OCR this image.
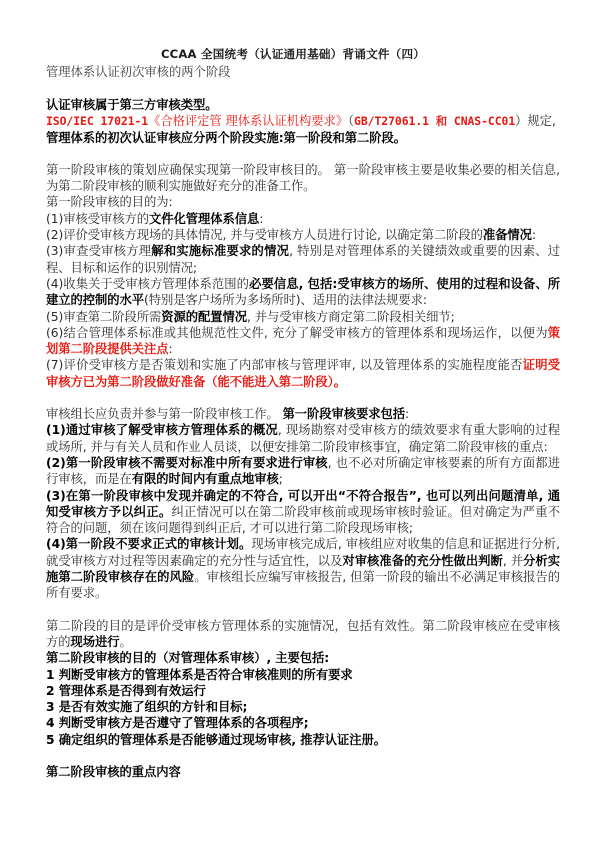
CCAA 全国统考（认证通用基础）背诵文件（四）
管理体系认证初次审核的两个阶段

认证审核属于第三方审核类型。

ISO/IEC 17021-1《合格评定管 理体系认证机构要求》（GB/T27061.1 和 CNAS-CC01）规定,

管理体系的初次认证审核应分两个阶段实施:第一阶段和第二阶段。

第一阶段审核的策划应确保实现第一阶段审核目的。 第一阶段审核主要是收集必要的相关信息, 为第二阶段审核的顺利实施做好充分的准备工作。

第一阶段审核的目的为:

(1)审核受审核方的文件化管理体系信息:

(2)评价受审核方现场的具体情况, 并与受审核方人员进行讨论, 以确定第二阶段的准备情况:

(3)审查受审核方理解和实施标准要求的情况, 特别是对管理体系的关键绩效或重要的因素、过程、目标和运作的识别情况;

(4)收集关于受审核方管理体系范围的必要信息, 包括:受审核方的场所、使用的过程和设备、所建立的控制的水平(特别是客户场所为多场所时)、适用的法律法规要求:

(5)审查第二阶段所需资源的配置情况, 并与受审核方商定第二阶段相关细节;

(6)结合管理体系标准或其他规范性文件, 充分了解受审核方的管理体系和现场运作，以便为策划第二阶段提供关注点:

(7)评价受审核方是否策划和实施了内部审核与管理评审, 以及管理体系的实施程度能否证明受审核方已为第二阶段做好准备（能不能进入第二阶段）。

审核组长应负责并参与第一阶段审核工作。 第一阶段审核要求包括:

(1)通过审核了解受审核方管理体系的概况, 现场勘察对受审核方的绩效要求有重大影响的过程或场所, 并与有关人员和作业人员谈，以便安排第二阶段审核事宜，确定第二阶段审核的重点:

(2)第一阶段审核不需要对标准中所有要求进行审核, 也不必对所确定审核要素的所有方面都进行审核，而是在有限的时间内有重点地审核;

(3)在第一阶段审核中发现并确定的不符合, 可以开出“不符合报告”, 也可以列出问题清单, 通知受审核方予以纠正。纠正情况可以在第二阶段审核前或现场审核时验证。但对确定为严重不符合的问题，须在该问题得到纠正后, 才可以进行第二阶段现场审核;

(4)第一阶段不要求正式的审核计划。现场审核完成后, 审核组应对收集的信息和证据进行分析, 就受审核方对过程等因素确定的充分性与适宜性，以及对审核准备的充分性做出判断, 并分析实施第二阶段审核存在的风险。审核组长应编写审核报告, 但第一阶段的输出不必满足审核报告的所有要求。

第二阶段的目的是评价受审核方管理体系的实施情况，包括有效性。第二阶段审核应在受审核方的现场进行。

第二阶段审核的目的（对管理体系审核）, 主要包括:

1 判断受审核方的管理体系是否符合审核准则的所有要求

2 管理体系是否得到有效运行

3 是否有效实施了组织的方针和目标;

4 判断受审核方是否遵守了管理体系的各项程序;

5 确定组织的管理体系是否能够通过现场审核, 推荐认证注册。

第二阶段审核的重点内容
